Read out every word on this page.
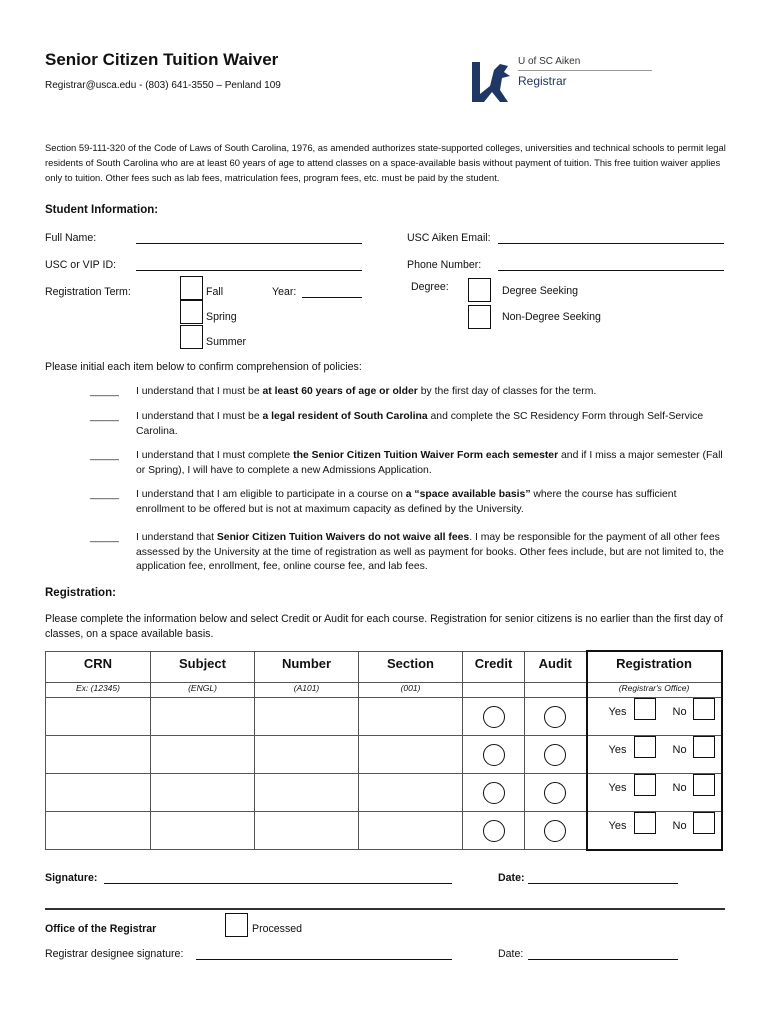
Senior Citizen Tuition Waiver
Registrar@usca.edu - (803) 641-3550 – Penland 109
U of SC Aiken
Registrar
Section 59-111-320 of the Code of Laws of South Carolina, 1976, as amended authorizes state-supported colleges, universities and technical schools to permit legal residents of South Carolina who are at least 60 years of age to attend classes on a space-available basis without payment of tuition. This free tuition waiver applies only to tuition. Other fees such as lab fees, matriculation fees, program fees, etc. must be paid by the student.
Student Information:
Full Name:	USC Aiken Email:
USC or VIP ID:	Phone Number:
Registration Term:	Fall
Spring
Summer
Year:	Degree:	Degree Seeking
Non-Degree Seeking
Please initial each item below to confirm comprehension of policies:
_____ I understand that I must be at least 60 years of age or older by the first day of classes for the term.
_____ I understand that I must be a legal resident of South Carolina and complete the SC Residency Form through Self-Service Carolina.
_____ I understand that I must complete the Senior Citizen Tuition Waiver Form each semester and if I miss a major semester (Fall or Spring), I will have to complete a new Admissions Application.
_____ I understand that I am eligible to participate in a course on a “space available basis” where the course has sufficient enrollment to be offered but is not at maximum capacity as defined by the University.
_____ I understand that Senior Citizen Tuition Waivers do not waive all fees. I may be responsible for the payment of all other fees assessed by the University at the time of registration as well as payment for books. Other fees include, but are not limited to, the application fee, enrollment, fee, online course fee, and lab fees.
Registration:
Please complete the information below and select Credit or Audit for each course. Registration for senior citizens is no earlier than the first day of classes, on a space available basis.
CRN	Subject	Number	Section	Credit	Audit	Registration
Ex: (12345)	(ENGL)	(A101)	(001)			(Registrar's Office)

						Yes No

						Yes No

						Yes No

						Yes No
Signature:	Date:
Office of the Registrar	Processed
Registrar designee signature:	Date:
